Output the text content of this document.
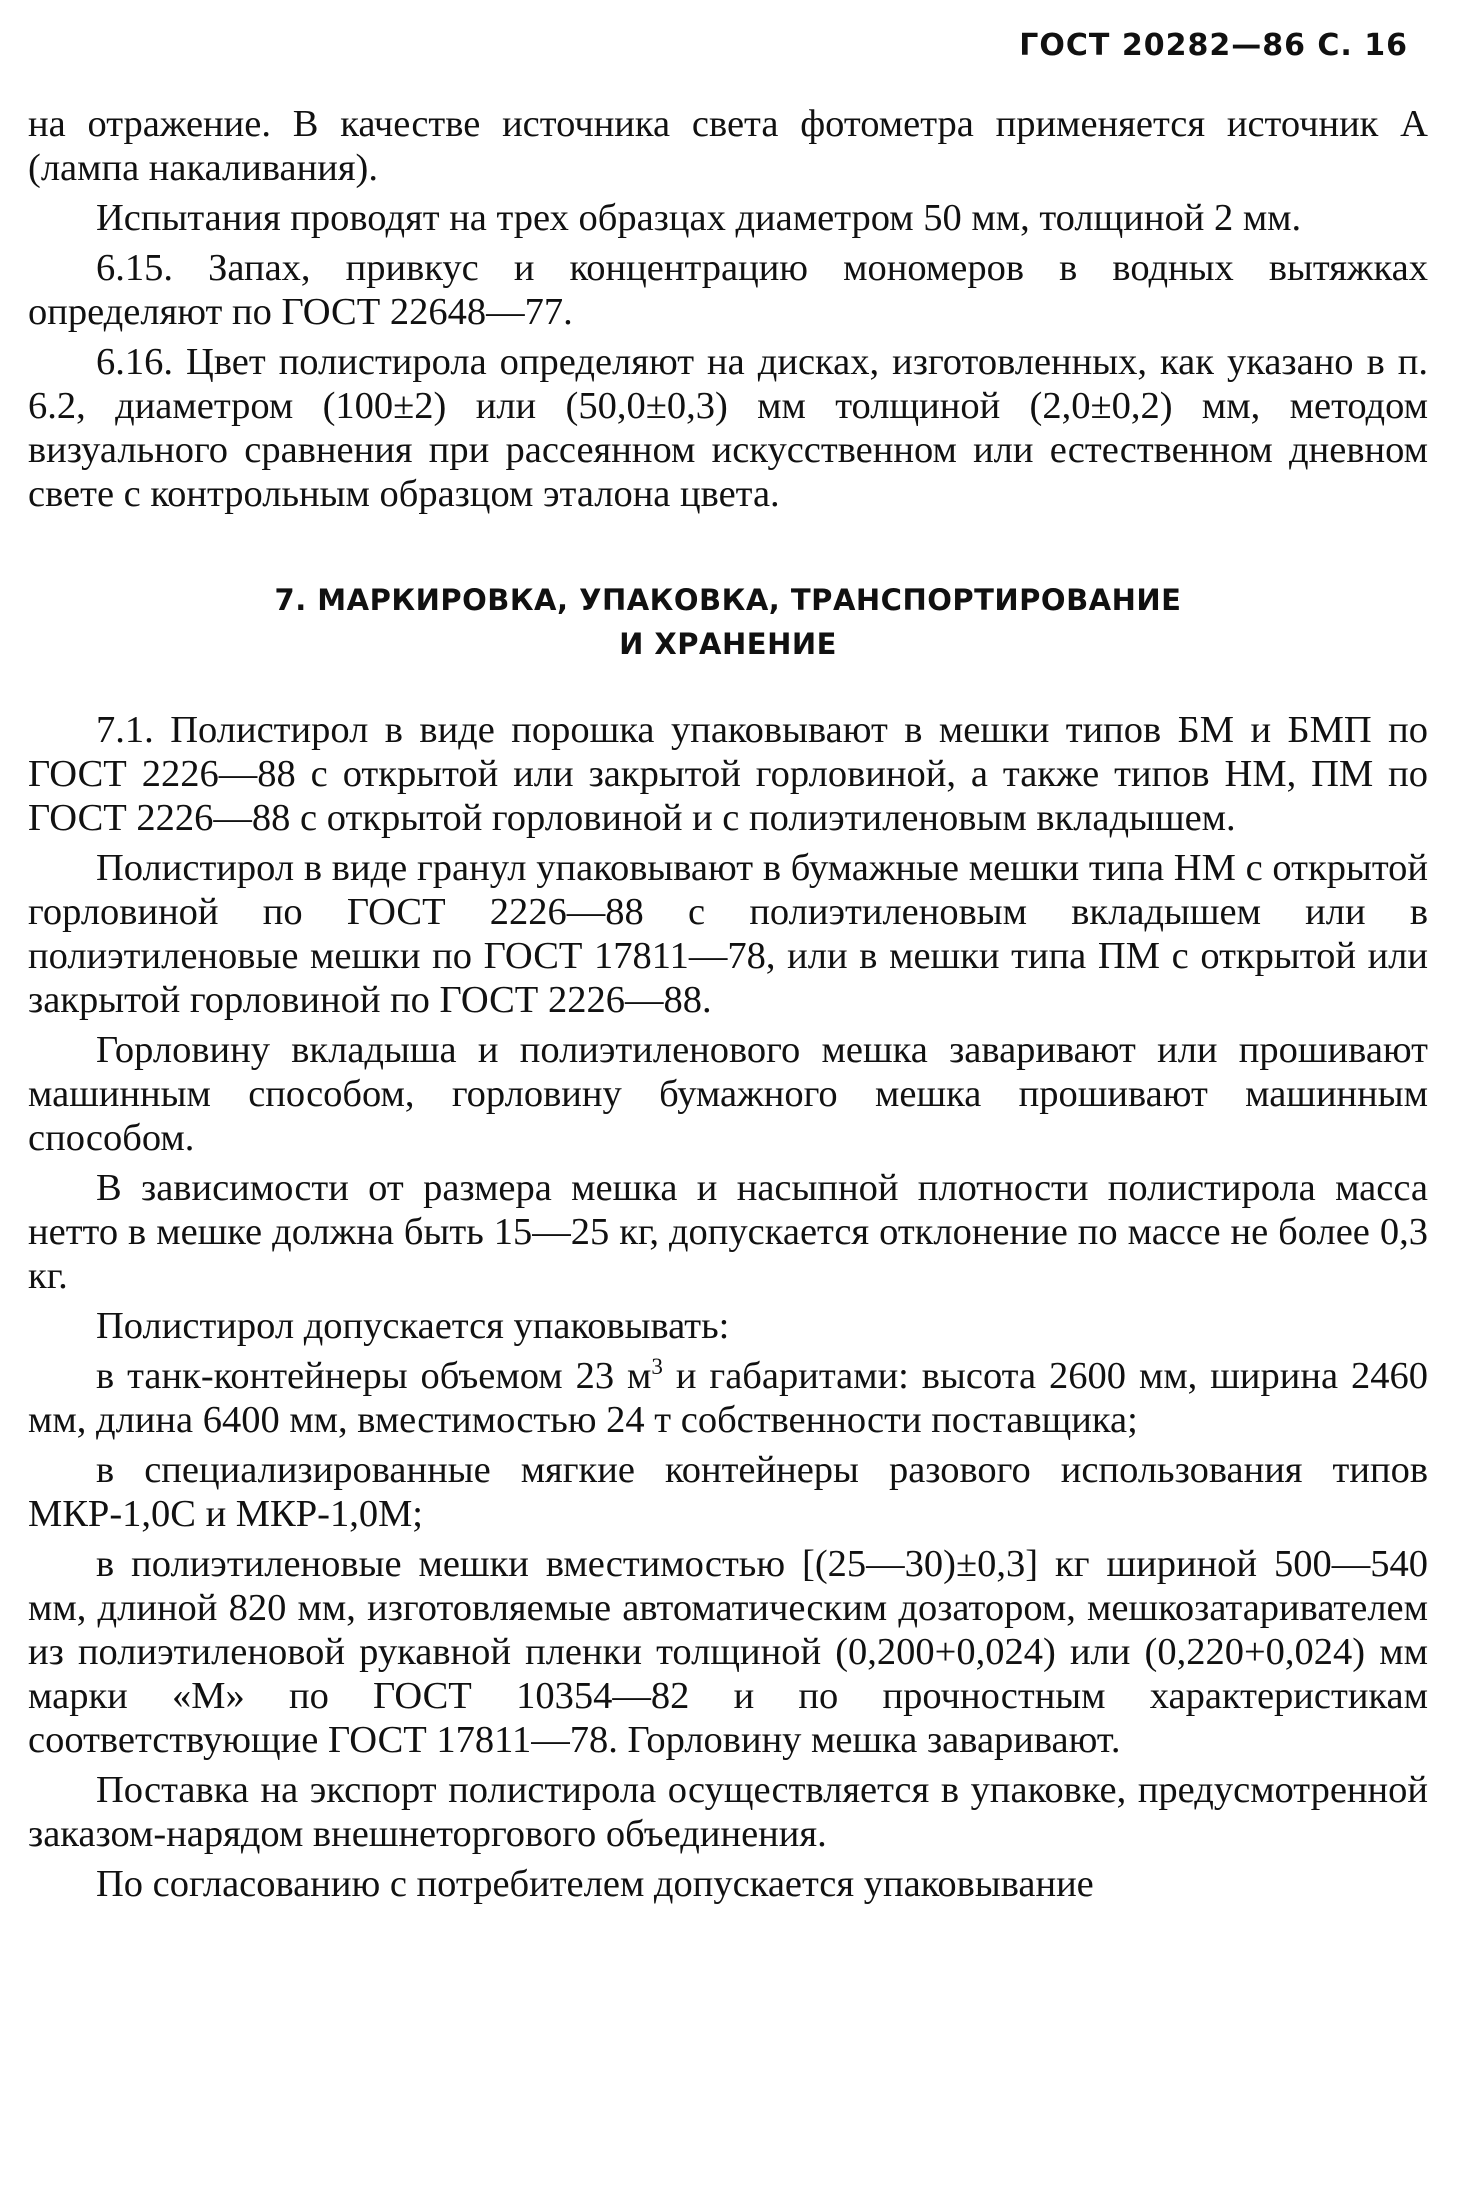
ГОСТ 20282—86 С. 16

на отражение. В качестве источника света фотометра применяется источник А (лампа накаливания).

Испытания проводят на трех образцах диаметром 50 мм, толщиной 2 мм.

6.15. Запах, привкус и концентрацию мономеров в водных вытяжках определяют по ГОСТ 22648—77.

6.16. Цвет полистирола определяют на дисках, изготовленных, как указано в п. 6.2, диаметром (100±2) или (50,0±0,3) мм толщиной (2,0±0,2) мм, методом визуального сравнения при рассеянном искусственном или естественном дневном свете с контрольным образцом эталона цвета.

7. МАРКИРОВКА, УПАКОВКА, ТРАНСПОРТИРОВАНИЕ
И ХРАНЕНИЕ

7.1. Полистирол в виде порошка упаковывают в мешки типов БМ и БМП по ГОСТ 2226—88 с открытой или закрытой горловиной, а также типов НМ, ПМ по ГОСТ 2226—88 с открытой горловиной и с полиэтиленовым вкладышем.

Полистирол в виде гранул упаковывают в бумажные мешки типа НМ с открытой горловиной по ГОСТ 2226—88 с полиэтиленовым вкладышем или в полиэтиленовые мешки по ГОСТ 17811—78, или в мешки типа ПМ с открытой или закрытой горловиной по ГОСТ 2226—88.

Горловину вкладыша и полиэтиленового мешка заваривают или прошивают машинным способом, горловину бумажного мешка прошивают машинным способом.

В зависимости от размера мешка и насыпной плотности полистирола масса нетто в мешке должна быть 15—25 кг, допускается отклонение по массе не более 0,3 кг.

Полистирол допускается упаковывать:

в танк-контейнеры объемом 23 $м^3$ и габаритами: высота 2600 мм, ширина 2460 мм, длина 6400 мм, вместимостью 24 т собственности поставщика;

в специализированные мягкие контейнеры разового использования типов МКР-1,0С и МКР-1,0М;

в полиэтиленовые мешки вместимостью [(25—30)±0,3] кг шириной 500—540 мм, длиной 820 мм, изготовляемые автоматическим дозатором, мешкозатаривателем из полиэтиленовой рукавной пленки толщиной (0,200+0,024) или (0,220+0,024) мм марки «М» по ГОСТ 10354—82 и по прочностным характеристикам соответствующие ГОСТ 17811—78. Горловину мешка заваривают.

Поставка на экспорт полистирола осуществляется в упаковке, предусмотренной заказом-нарядом внешнеторгового объединения.

По согласованию с потребителем допускается упаковывание
